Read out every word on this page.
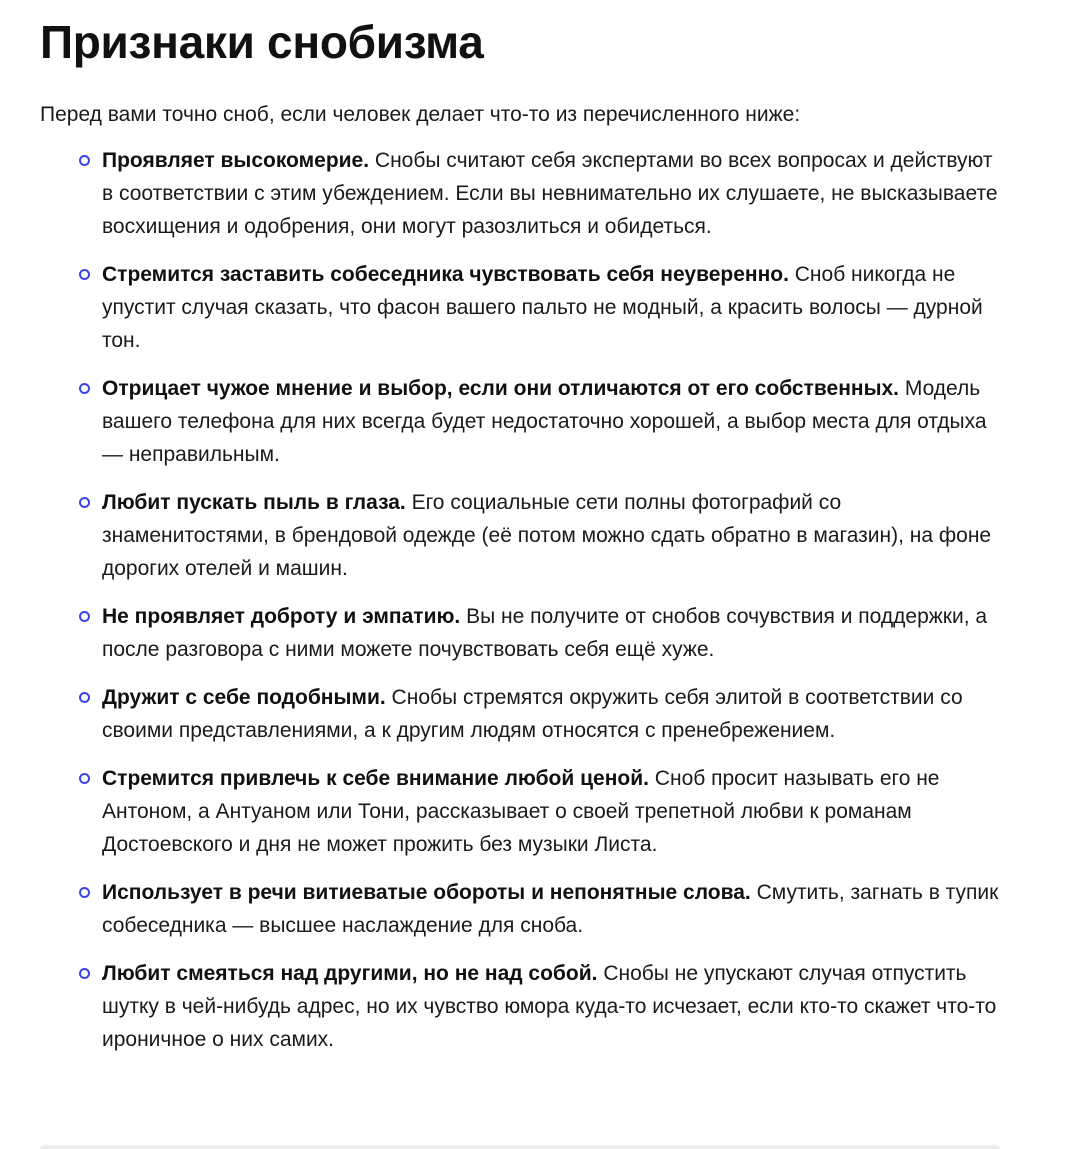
Признаки снобизма

Перед вами точно сноб, если человек делает что-то из перечисленного ниже:

Проявляет высокомерие. Снобы считают себя экспертами во всех вопросах и действуют в соответствии с этим убеждением. Если вы невнимательно их слушаете, не высказываете восхищения и одобрения, они могут разозлиться и обидеться.
Стремится заставить собеседника чувствовать себя неуверенно. Сноб никогда не упустит случая сказать, что фасон вашего пальто не модный, а красить волосы — дурной тон.
Отрицает чужое мнение и выбор, если они отличаются от его собственных. Модель вашего телефона для них всегда будет недостаточно хорошей, а выбор места для отдыха — неправильным.
Любит пускать пыль в глаза. Его социальные сети полны фотографий со знаменитостями, в брендовой одежде (её потом можно сдать обратно в магазин), на фоне дорогих отелей и машин.
Не проявляет доброту и эмпатию. Вы не получите от снобов сочувствия и поддержки, а после разговора с ними можете почувствовать себя ещё хуже.
Дружит с себе подобными. Снобы стремятся окружить себя элитой в соответствии со своими представлениями, а к другим людям относятся с пренебрежением.
Стремится привлечь к себе внимание любой ценой. Сноб просит называть его не Антоном, а Антуаном или Тони, рассказывает о своей трепетной любви к романам Достоевского и дня не может прожить без музыки Листа.
Использует в речи витиеватые обороты и непонятные слова. Смутить, загнать в тупик собеседника — высшее наслаждение для сноба.
Любит смеяться над другими, но не над собой. Снобы не упускают случая отпустить шутку в чей-нибудь адрес, но их чувство юмора куда-то исчезает, если кто-то скажет что-то ироничное о них самих.
